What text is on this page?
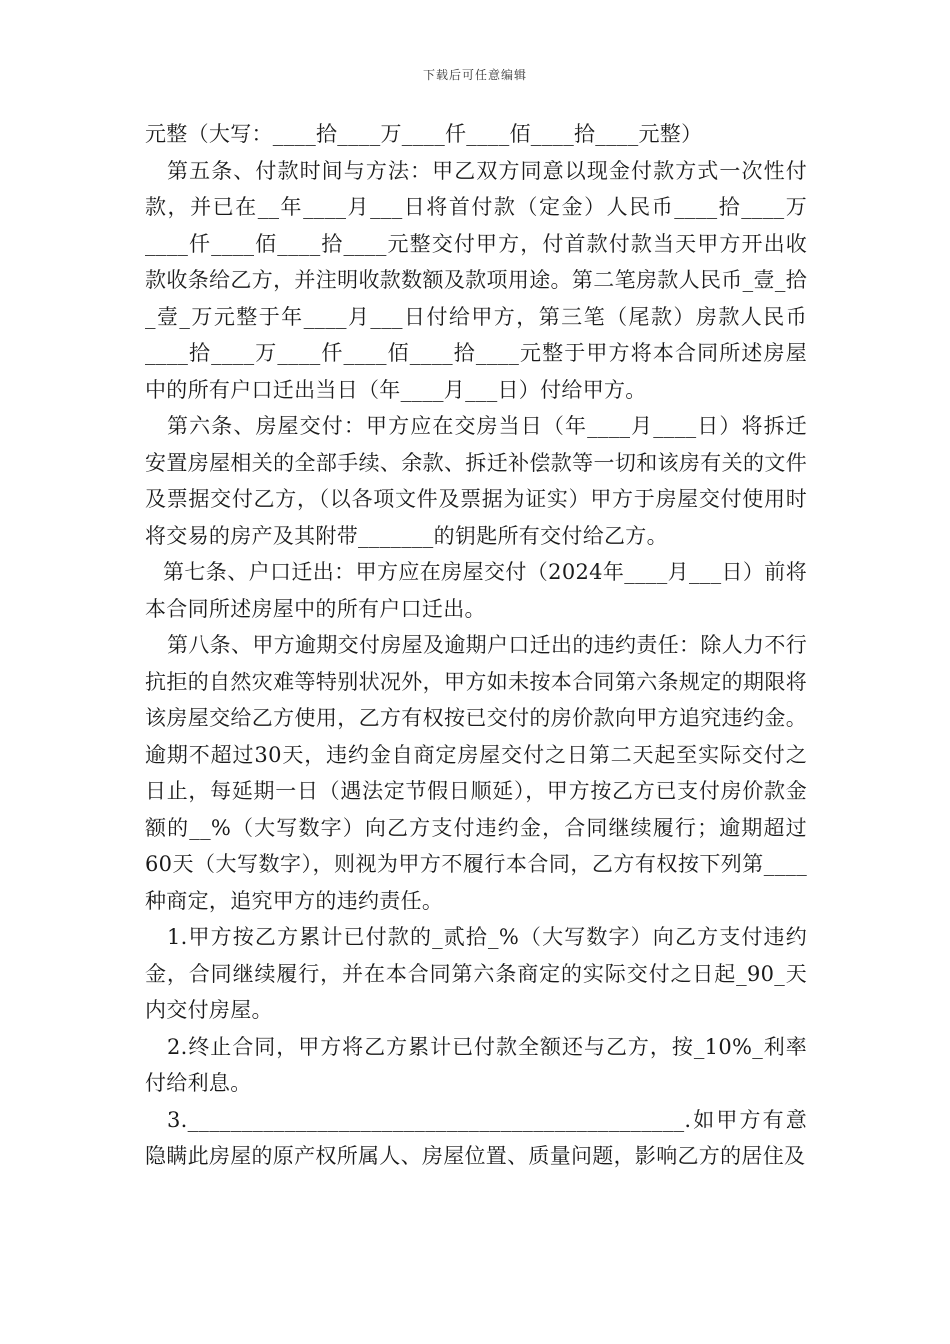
下载后可任意编辑

元整（大写：____拾____万____仟____佰____拾____元整）

第五条、付款时间与方法：甲乙双方同意以现金付款方式一次性付款，并已在__年____月___日将首付款（定金）人民币____拾____万____仟____佰____拾____元整交付甲方，付首款付款当天甲方开出收款收条给乙方，并注明收款数额及款项用途。第二笔房款人民币_壹_拾_壹_万元整于年____月___日付给甲方，第三笔（尾款）房款人民币____拾____万____仟____佰____拾____元整于甲方将本合同所述房屋中的所有户口迁出当日（年____月___日）付给甲方。

第六条、房屋交付：甲方应在交房当日（年____月____日）将拆迁安置房屋相关的全部手续、余款、拆迁补偿款等一切和该房有关的文件及票据交付乙方，（以各项文件及票据为证实）甲方于房屋交付使用时将交易的房产及其附带_______的钥匙所有交付给乙方。

第七条、户口迁出：甲方应在房屋交付（2024年____月___日）前将本合同所述房屋中的所有户口迁出。

第八条、甲方逾期交付房屋及逾期户口迁出的违约责任：除人力不行抗拒的自然灾难等特别状况外，甲方如未按本合同第六条规定的期限将该房屋交给乙方使用，乙方有权按已交付的房价款向甲方追究违约金。逾期不超过30天，违约金自商定房屋交付之日第二天起至实际交付之日止，每延期一日（遇法定节假日顺延），甲方按乙方已支付房价款金额的__%（大写数字）向乙方支付违约金，合同继续履行；逾期超过60天（大写数字），则视为甲方不履行本合同，乙方有权按下列第____种商定，追究甲方的违约责任。

1.甲方按乙方累计已付款的_贰拾_%（大写数字）向乙方支付违约金，合同继续履行，并在本合同第六条商定的实际交付之日起_90_天内交付房屋。

2.终止合同，甲方将乙方累计已付款全额还与乙方，按_10%_利率付给利息。

3.______________________________________________.如甲方有意隐瞒此房屋的原产权所属人、房屋位置、质量问题，影响乙方的居住及
